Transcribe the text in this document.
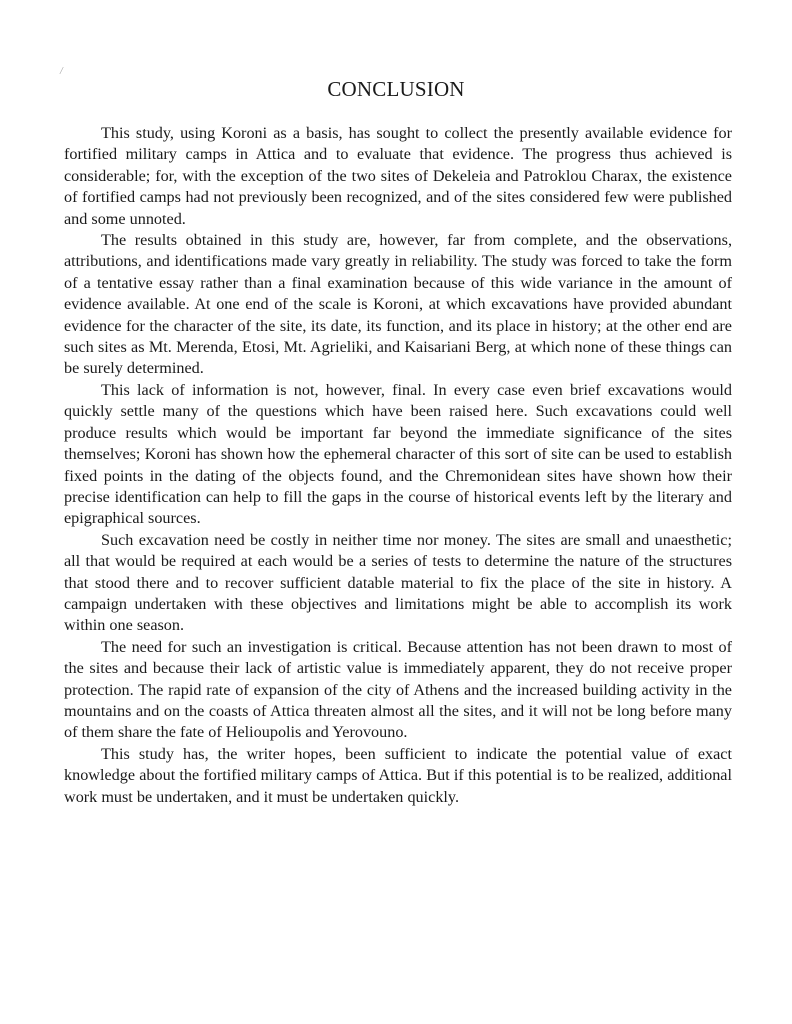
/
CONCLUSION

This study, using Koroni as a basis, has sought to collect the presently available evidence for fortified military camps in Attica and to evaluate that evidence. The progress thus achieved is considerable; for, with the exception of the two sites of Dekeleia and Patroklou Charax, the existence of fortified camps had not previously been recognized, and of the sites considered few were published and some unnoted.

The results obtained in this study are, however, far from complete, and the observations, attributions, and identifications made vary greatly in reliability. The study was forced to take the form of a tentative essay rather than a final examination because of this wide variance in the amount of evidence available. At one end of the scale is Koroni, at which excavations have provided abundant evidence for the character of the site, its date, its function, and its place in history; at the other end are such sites as Mt. Merenda, Etosi, Mt. Agrieliki, and Kaisariani Berg, at which none of these things can be surely determined.

This lack of information is not, however, final. In every case even brief excavations would quickly settle many of the questions which have been raised here. Such excavations could well produce results which would be important far beyond the immediate significance of the sites themselves; Koroni has shown how the ephemeral character of this sort of site can be used to establish fixed points in the dating of the objects found, and the Chremonidean sites have shown how their precise identification can help to fill the gaps in the course of historical events left by the literary and epigraphical sources.

Such excavation need be costly in neither time nor money. The sites are small and unaesthetic; all that would be required at each would be a series of tests to determine the nature of the structures that stood there and to recover sufficient datable material to fix the place of the site in history. A campaign undertaken with these objectives and limitations might be able to accomplish its work within one season.

The need for such an investigation is critical. Because attention has not been drawn to most of the sites and because their lack of artistic value is immediately apparent, they do not receive proper protection. The rapid rate of expansion of the city of Athens and the increased building activity in the mountains and on the coasts of Attica threaten almost all the sites, and it will not be long before many of them share the fate of Helioupolis and Yerovouno.

This study has, the writer hopes, been sufficient to indicate the potential value of exact knowledge about the fortified military camps of Attica. But if this potential is to be realized, additional work must be undertaken, and it must be undertaken quickly.
